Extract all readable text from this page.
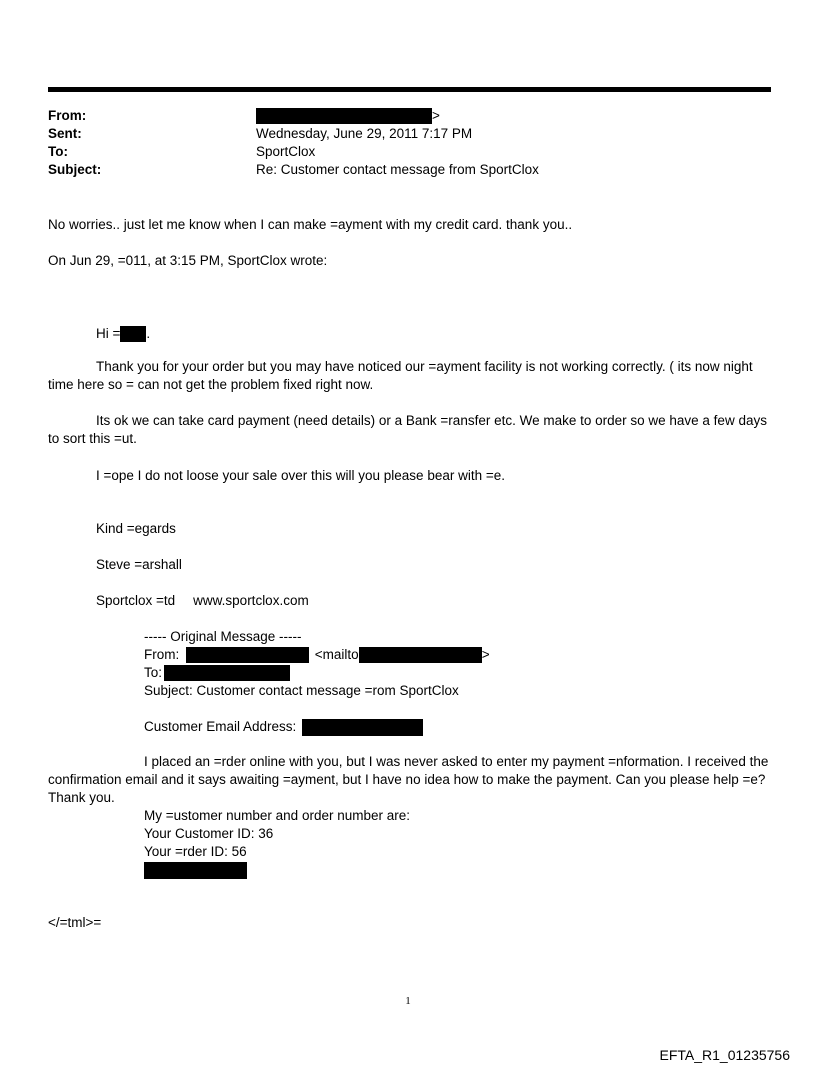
From:	>
Sent:	Wednesday, June 29, 2011 7:17 PM
To:	SportClox
Subject:	Re: Customer contact message from SportClox
No worries.. just let me know when I can make =ayment with my credit card. thank you..
On Jun 29, =011, at 3:15 PM, SportClox wrote:
Hi = .
Thank you for your order but you may have noticed our =ayment facility is not working correctly. ( its now night time here so = can not get the problem fixed right now.
Its ok we can take card payment (need details) or a Bank =ransfer etc. We make to order so we have a few days to sort this =ut.
I =ope I do not loose your sale over this will you please bear with =e.
Kind =egards
Steve =arshall
Sportclox =td www.sportclox.com
----- Original Message -----
From:	<mailto	>
To:
Subject: Customer contact message =rom SportClox
Customer Email Address:
I placed an =rder online with you, but I was never asked to enter my payment =nformation. I received the confirmation email and it says awaiting =ayment, but I have no idea how to make the payment. Can you please help =e? Thank you.
My =ustomer number and order number are:
Your Customer ID: 36
Your =rder ID: 56
</=tml>=
1
EFTA_R1_01235756
